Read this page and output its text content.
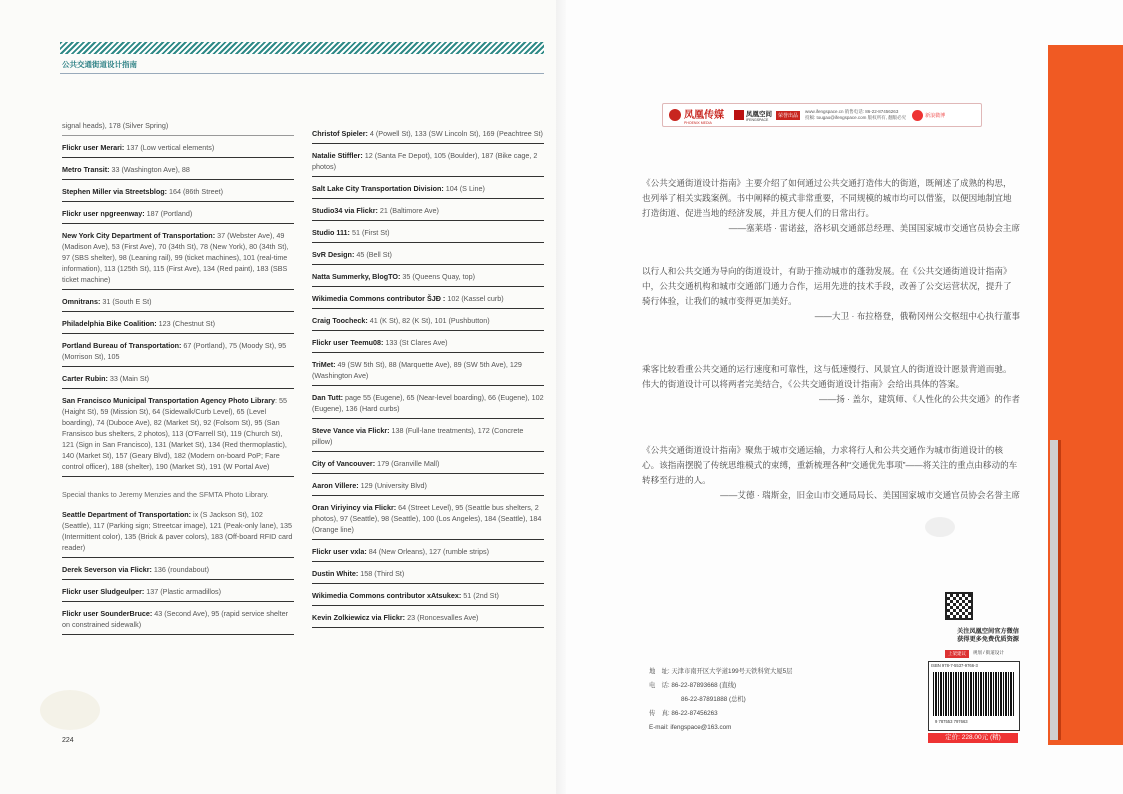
公共交通街道设计指南
signal heads), 178 (Silver Spring)
Flickr user Merari: 137 (Low vertical elements)
Metro Transit: 33 (Washington Ave), 88
Stephen Miller via Streetsblog: 164 (86th Street)
Flickr user npgreenway: 187 (Portland)
New York City Department of Transportation: 37 (Webster Ave), 49 (Madison Ave), 53 (First Ave), 70 (34th St), 78 (New York), 80 (34th St), 97 (SBS shelter), 98 (Leaning rail), 99 (ticket machines), 101 (real-time information), 113 (125th St), 115 (First Ave), 134 (Red paint), 183 (SBS ticket machine)
Omnitrans: 31 (South E St)
Philadelphia Bike Coalition: 123 (Chestnut St)
Portland Bureau of Transportation: 67 (Portland), 75 (Moody St), 95 (Morrison St), 105
Carter Rubin: 33 (Main St)
San Francisco Municipal Transportation Agency Photo Library: 55 (Haight St), 59 (Mission St), 64 (Sidewalk/Curb Level), 65 (Level boarding), 74 (Duboce Ave), 82 (Market St), 92 (Folsom St), 95 (San Fransisco bus shelters, 2 photos), 113 (O'Farrell St), 119 (Church St), 121 (Sign in San Francisco), 131 (Market St), 134 (Red thermoplastic), 140 (Market St), 157 (Geary Blvd), 182 (Modern on-board PoP; Fare control officer), 188 (shelter), 190 (Market St), 191 (W Portal Ave)
Special thanks to Jeremy Menzies and the SFMTA Photo Library.
Seattle Department of Transportation: ix (S Jackson St), 102 (Seattle), 117 (Parking sign; Streetcar image), 121 (Peak-only lane), 135 (Intermittent color), 135 (Brick & paver colors), 183 (Off-board RFID card reader)
Derek Severson via Flickr: 136 (roundabout)
Flickr user Sludgeulper: 137 (Plastic armadillos)
Flickr user SounderBruce: 43 (Second Ave), 95 (rapid service shelter on constrained sidewalk)
Christof Spieler: 4 (Powell St), 133 (SW Lincoln St), 169 (Peachtree St)
Natalie Stiffler: 12 (Santa Fe Depot), 105 (Boulder), 187 (Bike cage, 2 photos)
Salt Lake City Transportation Division: 104 (S Line)
Studio34 via Flickr: 21 (Baltimore Ave)
Studio 111: 51 (First St)
SvR Design: 45 (Bell St)
Natta Summerky, BlogTO: 35 (Queens Quay, top)
Wikimedia Commons contributor ŠJĐ : 102 (Kassel curb)
Craig Toocheck: 41 (K St), 82 (K St), 101 (Pushbutton)
Flickr user Teemu08: 133 (St Clares Ave)
TriMet: 49 (SW 5th St), 88 (Marquette Ave), 89 (SW 5th Ave), 129 (Washington Ave)
Dan Tutt: page 55 (Eugene), 65 (Near-level boarding), 66 (Eugene), 102 (Eugene), 136 (Hard curbs)
Steve Vance via Flickr: 138 (Full-lane treatments), 172 (Concrete pillow)
City of Vancouver: 179 (Granville Mall)
Aaron Villere: 129 (University Blvd)
Oran Viriyincy via Flickr: 64 (Street Level), 95 (Seattle bus shelters, 2 photos), 97 (Seattle), 98 (Seattle), 100 (Los Angeles), 184 (Seattle), 184 (Orange line)
Flickr user vxla: 84 (New Orleans), 127 (rumble strips)
Dustin White: 158 (Third St)
Wikimedia Commons contributor xAtsukex: 51 (2nd St)
Kevin Zolkiewicz via Flickr: 23 (Roncesvalles Ave)
224
凤凰传媒
PHOENIX MEDIA
凤凰空间
IFENGSPACE
荣誉出品
www.ifengspace.cn 销售电话: 86-22-87456263
投稿: tougao@ifengspace.com 版权所有, 翻版必究	新浪微博
《公共交通街道设计指南》主要介绍了如何通过公共交通打造伟大的街道，既阐述了成熟的构思，也列举了相关实践案例。书中阐释的模式非常重要，不同规模的城市均可以借鉴，以便因地制宜地打造街道、促进当地的经济发展，并且方便人们的日常出行。
——塞莱塔 · 雷诺兹，洛杉矶交通部总经理、美国国家城市交通官员协会主席
以行人和公共交通为导向的街道设计，有助于推动城市的蓬勃发展。在《公共交通街道设计指南》中，公共交通机构和城市交通部门通力合作，运用先进的技术手段，改善了公交运营状况，提升了骑行体验，让我们的城市变得更加美好。
——大卫 · 布拉格登，俄勒冈州公交枢纽中心执行董事
乘客比较看重公共交通的运行速度和可靠性，这与低速慢行、风景宜人的街道设计愿景背道而驰。伟大的街道设计可以将两者完美结合，《公共交通街道设计指南》会给出具体的答案。
——扬 · 盖尔，建筑师、《人性化的公共交通》的作者
《公共交通街道设计指南》聚焦于城市交通运输，力求将行人和公共交通作为城市街道设计的核心。该指南摆脱了传统思维模式的束缚，重新梳理各种“交通优先事项”——将关注的重点由移动的车转移至行进的人。
——艾德 · 瑞斯金，旧金山市交通局局长、美国国家城市交通官员协会名誉主席
关注凤凰空间官方微信
获得更多免费优质资源
上架建议	规划 / 街道设计
ISBN 978-7-5537-9766-3
9 787553 797663
定价: 228.00元 (精)
地　址: 天津市南开区大学道199号天铁科贸大厦5层
电　话: 86-22-87893668 (直线)
86-22-87891888 (总机)
传　真: 86-22-87456263
E-mail: ifengspace@163.com
